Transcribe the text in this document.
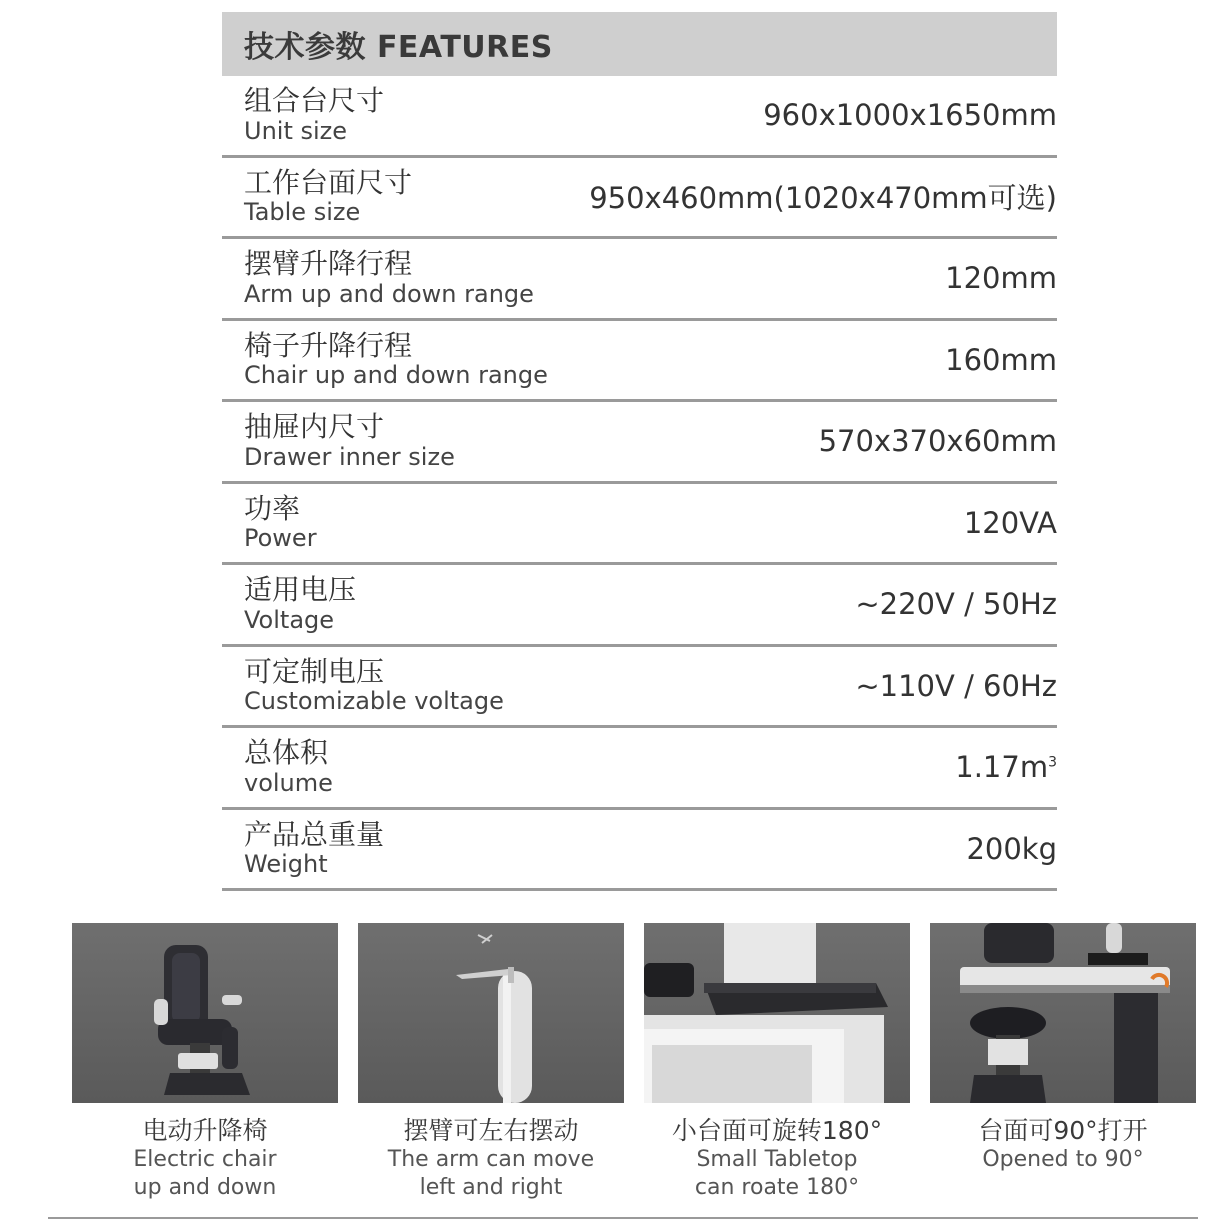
技术参数 FEATURES
组合台尺寸
Unit size	960x1000x1650mm
工作台面尺寸
Table size	950x460mm(1020x470mm可选)
摆臂升降行程
Arm up and down range	120mm
椅子升降行程
Chair up and down range	160mm
抽屉内尺寸
Drawer inner size	570x370x60mm
功率
Power	120VA
适用电压
Voltage	~220V / 50Hz
可定制电压
Customizable voltage	~110V / 60Hz
总体积
volume	$1.17m^3$
产品总重量
Weight	200kg
电动升降椅
Electric chair
up and down
摆臂可左右摆动
The arm can move
left and right
小台面可旋转180°
Small Tabletop
can roate 180°
台面可90°打开
Opened to 90°
